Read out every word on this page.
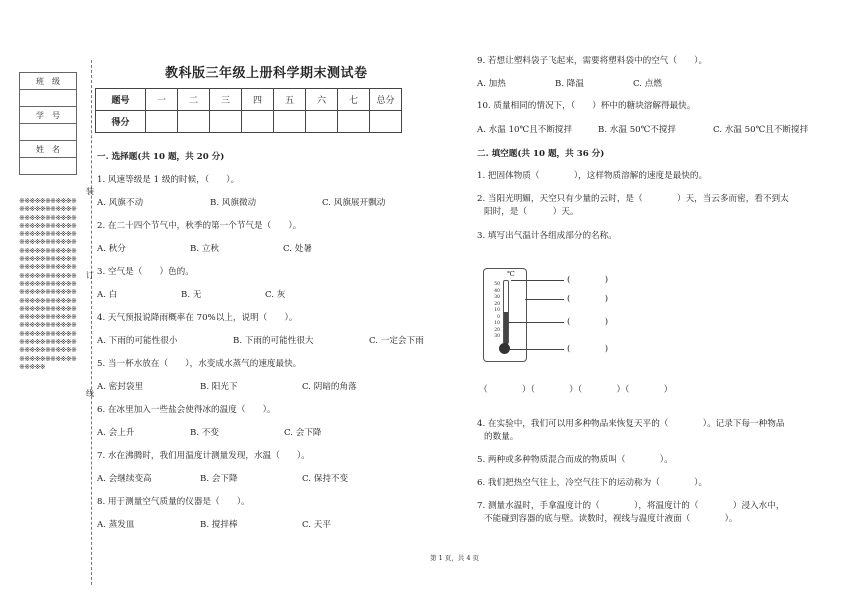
班　级

学　号

姓　名

※※※※※※※※※※※※※※※※※※※※※※※※※※※※※※※※※※※※※※※※※※※※※※※※※※※※※※※※※※※※※※※※※※※※※※※※※※※※※※※※※※※※※※※※※※※※※※※※※※※※※※※※※※※※※※※※※※※※※※※※※※※※※※※※※※※※※※※※※※※※※※※※※※※※※※※※※※※※※※※※※※※※※※※※※※※※※※※※※※※※※※※※※※※※※※※※※※※※※※※※※※※※※※※※※※※※※※※※※※※※※※※※※
装
订
线
教科版三年级上册科学期末测试卷
题号	一	二	三	四	五	六	七	总分
得分								
一. 选择题(共 10 题，共 20 分)
1. 风速等级是 1 级的时候，（　　）。
A. 风旗不动	B. 风旗微动	C. 风旗展开飘动
2. 在二十四个节气中，秋季的第一个节气是（　　）。
A. 秋分	B. 立秋	C. 处暑
3. 空气是（　　）色的。
A. 白	B. 无	C. 灰
4. 天气预报说降雨概率在 70%以上，说明（　　）。
A. 下雨的可能性很小	B. 下雨的可能性很大	C. 一定会下雨
5. 当一杯水放在（　　），水变成水蒸气的速度最快。
A. 密封袋里	B. 阳光下	C. 阴暗的角落
6. 在冰里加入一些盐会使得冰的温度（　　）。
A. 会上升	B. 不变	C. 会下降
7. 水在沸腾时，我们用温度计测量发现，水温（　　）。
A. 会继续变高	B. 会下降	C. 保持不变
8. 用于测量空气质量的仪器是（　　）。
A. 蒸发皿	B. 搅拌棒	C. 天平
9. 若想让塑料袋子飞起来，需要将塑料袋中的空气（　　）。
A. 加热	B. 降温	C. 点燃
10. 质量相同的情况下，（　　）杯中的糖块溶解得最快。
A. 水温 10℃且不断搅拌	B. 水温 50℃不搅拌	C. 水温 50℃且不断搅拌
二. 填空题(共 10 题，共 36 分)
1. 把固体物质（　　　　），这样物质溶解的速度是最快的。
2. 当阳光明媚，天空只有少量的云时，是（　　　　）天，当云多而密，看不到太
阳时，是（　　　）天。
3. 填写出气温计各组成部分的名称。
℃
50
40
30
20
10
0
10
20
30
(　　　　)
(　　　　)
(　　　　)
(　　　　)
（　　　　）（　　　　）（　　　　）（　　　　）
4. 在实验中，我们可以用多种物品来恢复天平的（　　　　）。记录下每一种物品
的数量。
5. 两种或多种物质混合而成的物质叫（　　　　）。
6. 我们把热空气往上，冷空气往下的运动称为（　　　　）。
7. 测量水温时，手拿温度计的（　　　　），将温度计的（　　　　）浸入水中，
不能碰到容器的底与壁。读数时，视线与温度计液面（　　　　）。
第 1 页，共 4 页
